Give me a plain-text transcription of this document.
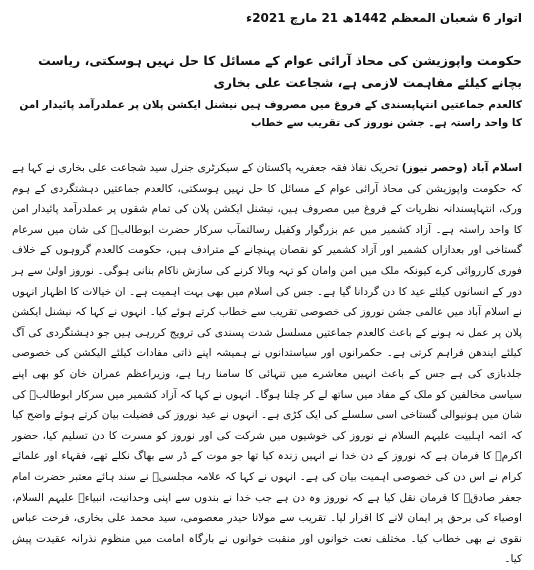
اتوار 6 شعبان المعظم 1442ھ 21 مارچ 2021ء
حکومت واپوزیشن کی محاذ آرائی عوام کے مسائل کا حل نہیں ہوسکتی، ریاست بچانے کیلئے مفاہمت لازمی ہے، شجاعت علی بخاری
کالعدم جماعتیں انتہاپسندی کے فروغ میں مصروف ہیں نیشنل ایکشن پلان پر عملدرآمد پائیدار امن کا واحد راستہ ہے۔ جشن نوروز کی تقریب سے خطاب
اسلام آباد (وحصر نیوز) تحریک نفاذ فقہ جعفریہ پاکستان کے سیکرٹری جنرل سید شجاعت علی بخاری نے کہا ہے کہ حکومت واپوزیشن کی محاذ آرائی عوام کے مسائل کا حل نہیں ہوسکتی، کالعدم جماعتیں دہشتگردی کے ہوم ورک، انتہاپسندانہ نظریات کے فروغ میں مصروف ہیں، نیشنل ایکشن پلان کی تمام شقوں پر عملدرآمد پائیدار امن کا واحد راستہ ہے۔ آزاد کشمیر میں عم بزرگوار وکفیل رسالتمآب سرکار حضرت ابوطالبؑ کی شان میں سرعام گستاخی اور بعدازاں کشمیر اور آزاد کشمیر کو نقصان پہنچانے کے مترادف ہیں، حکومت کالعدم گروہوں کے خلاف فوری کارروائی کرے کیونکہ ملک میں امن وامان کو تہہ وبالا کرنے کی سازش ناکام بنانی ہوگی۔ نوروز اولیٰ سے ہر دور کے انسانوں کیلئے عید کا دن گردانا گیا ہے۔ جس کی اسلام میں بھی بہت اہمیت ہے۔ ان خیالات کا اظہار انہوں نے اسلام آباد میں عالمی جشن نوروز کی خصوصی تقریب سے خطاب کرتے ہوئے کیا۔ انہوں نے کہا کہ نیشنل ایکشن پلان پر عمل نہ ہونے کے باعث کالعدم جماعتیں مسلسل شدت پسندی کی ترویج کررہی ہیں جو دہشتگردی کی آگ کیلئے ایندھن فراہم کرتی ہے۔ حکمرانوں اور سیاستدانوں نے ہمیشہ اپنے ذاتی مفادات کیلئے الیکشن کی خصوصی جلدبازی کی ہے جس کے باعث انہیں معاشرے میں تنہائی کا سامنا رہا ہے، وزیراعظم عمران خان کو بھی اپنے سیاسی مخالفین کو ملک کے مفاد میں ساتھ لے کر چلنا ہوگا۔ انہوں نے کہا کہ آزاد کشمیر میں سرکار ابوطالبؑ کی شان میں ہونیوالی گستاخی اسی سلسلے کی ایک کڑی ہے۔ انہوں نے عید نوروز کی فضیلت بیان کرتے ہوئے واضح کیا کہ ائمہ اہلبیت علیہم السلام نے نوروز کی خوشیوں میں شرکت کی اور نوروز کو مسرت کا دن تسلیم کیا، حضور اکرمؐ کا فرمان ہے کہ نوروز کے دن خدا نے انہیں زندہ کیا تھا جو موت کے ڈر سے بھاگ نکلے تھے، فقہاء اور علمائے کرام نے اس دن کی خصوصی اہمیت بیان کی ہے۔ انہوں نے کہا کہ علامہ مجلسیؒ نے سند ہائے معتبر حضرت امام جعفر صادقؑ کا فرمان نقل کیا ہے کہ نوروز وہ دن ہے جب خدا نے بندوں سے اپنی وحدانیت، انبیاءؑ علیہم السلام، اوصیاء کی برحق پر ایمان لانے کا اقرار لیا۔ تقریب سے مولانا حیدر معصومی، سید محمد علی بخاری، فرحت عباس نقوی نے بھی خطاب کیا۔ مختلف نعت خوانوں اور منقبت خوانوں نے بارگاہ امامت میں منظوم نذرانہ عقیدت پیش کیا۔
